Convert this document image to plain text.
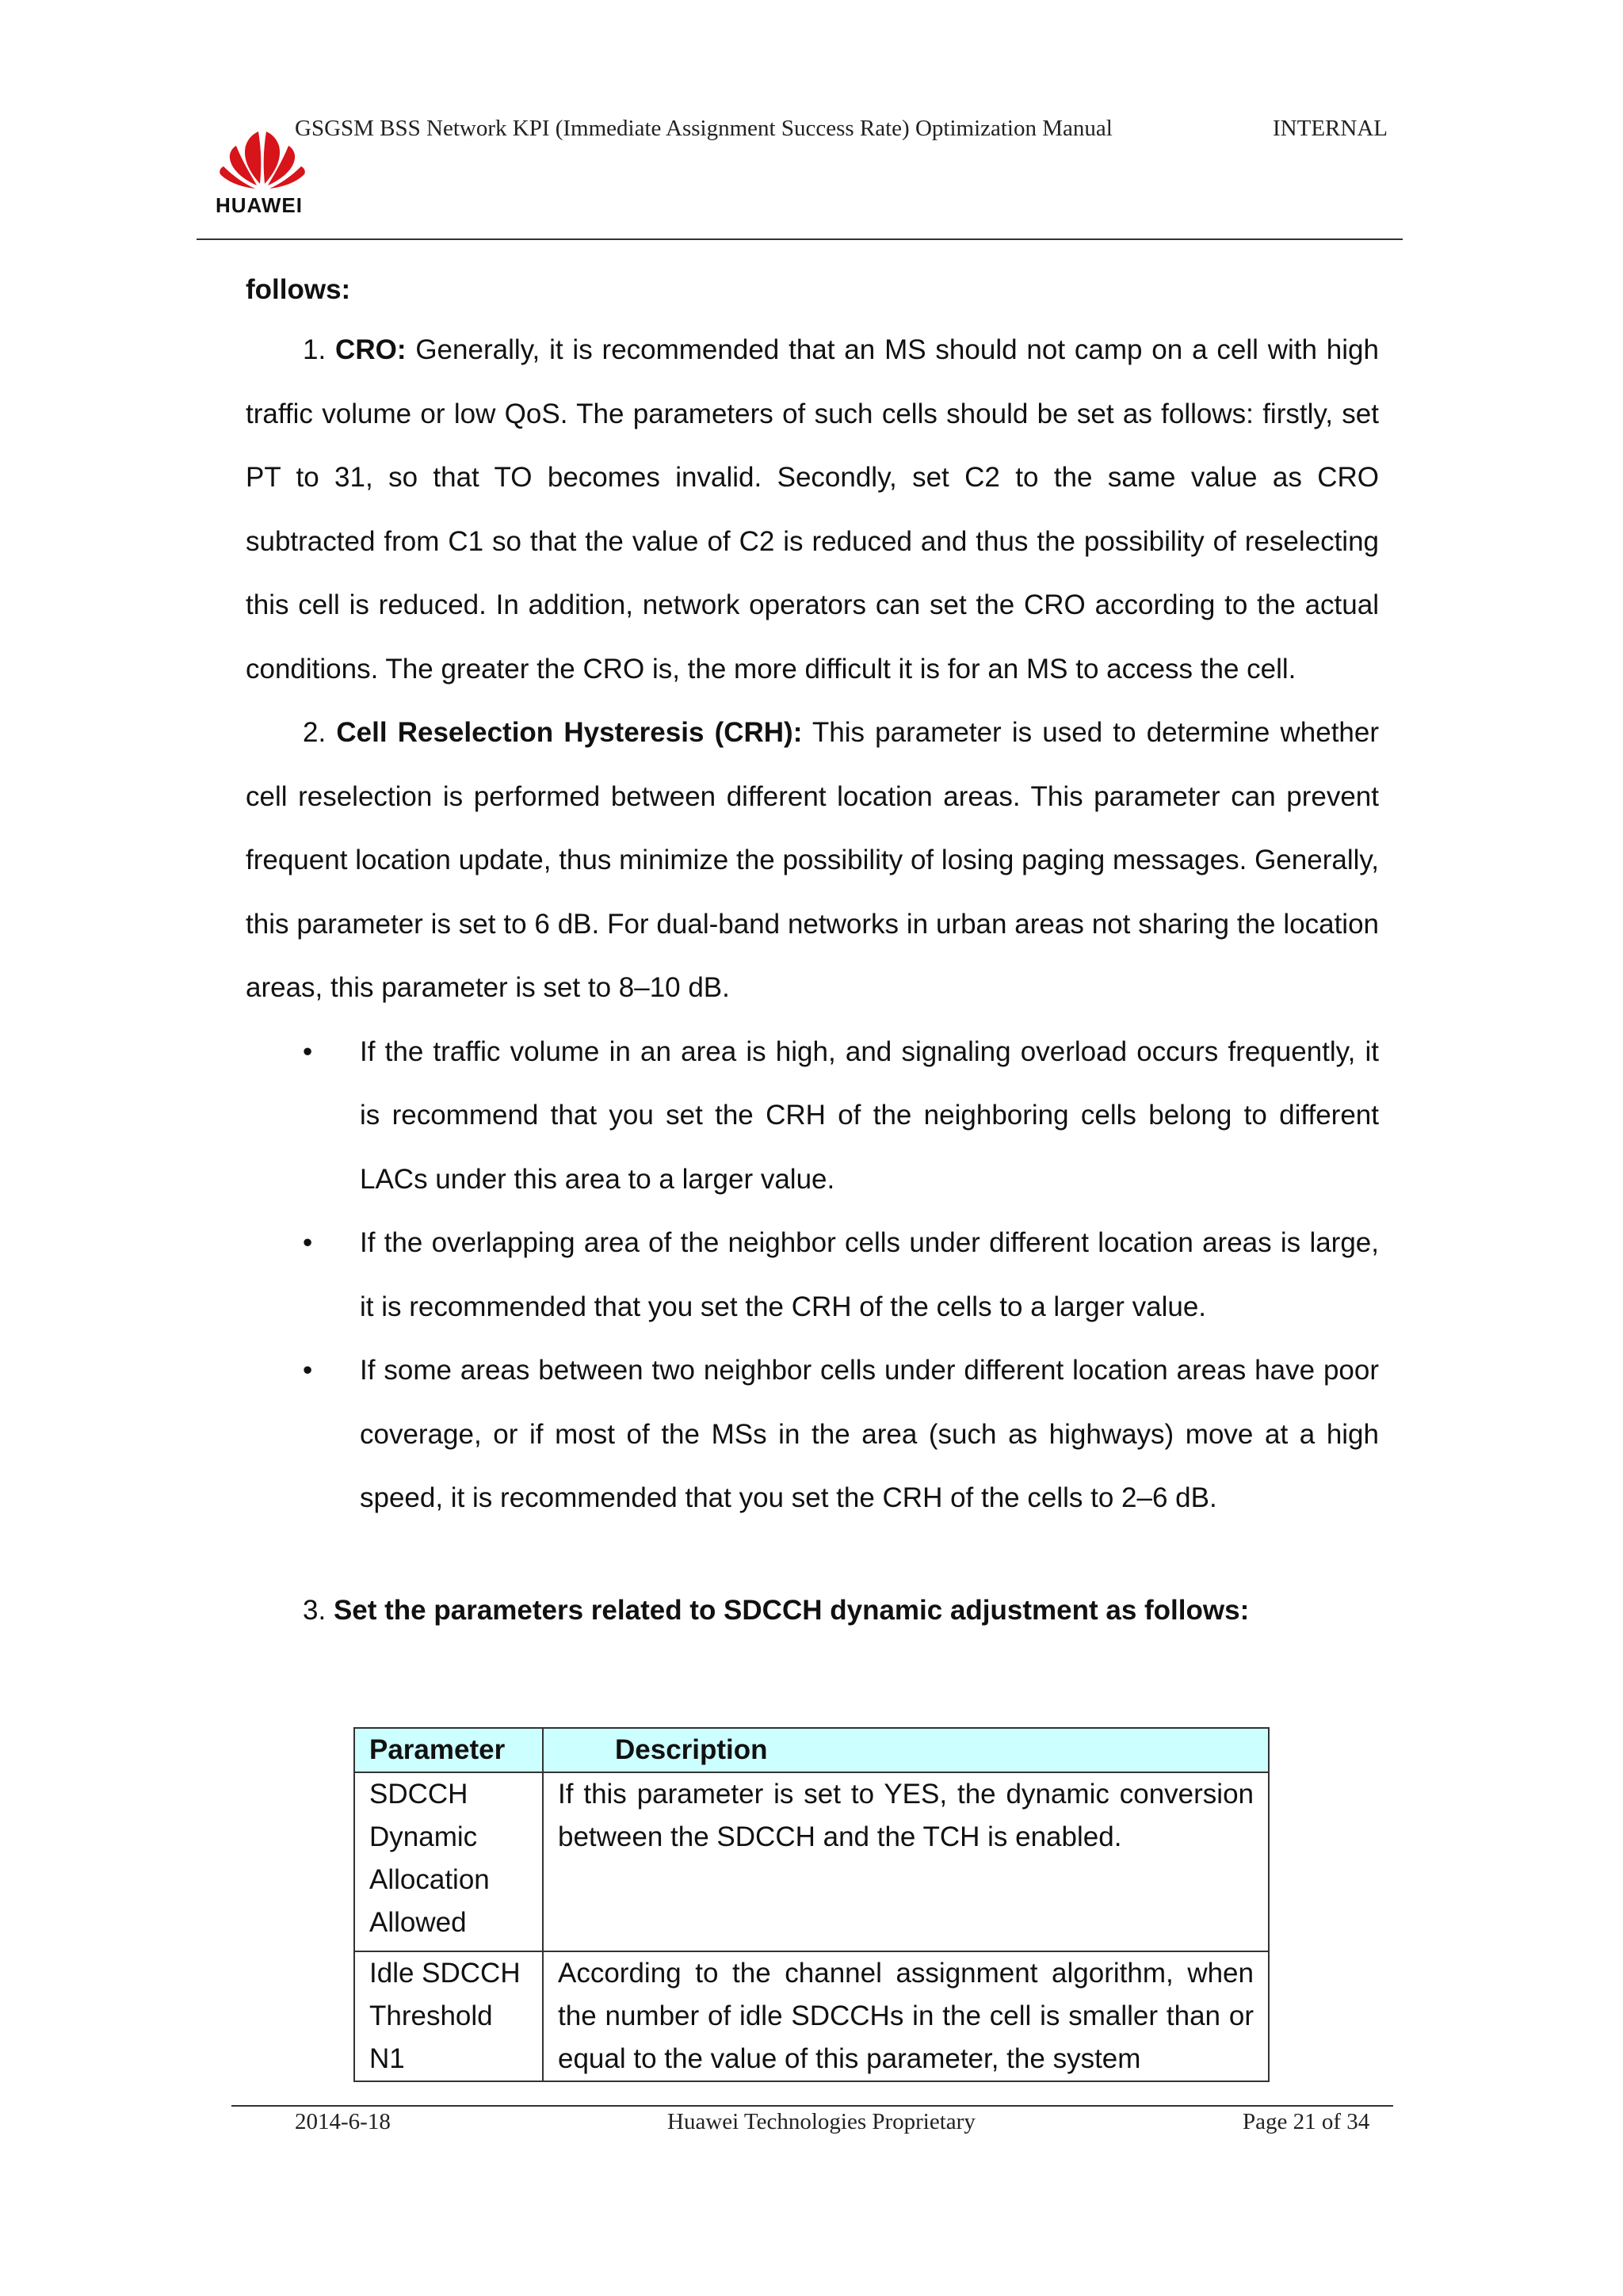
HUAWEI
GSGSM BSS Network KPI (Immediate Assignment Success Rate) Optimization Manual	INTERNAL
follows:

1. CRO: Generally, it is recommended that an MS should not camp on a cell with high traffic volume or low QoS. The parameters of such cells should be set as follows: firstly, set PT to 31, so that TO becomes invalid. Secondly, set C2 to the same value as CRO subtracted from C1 so that the value of C2 is reduced and thus the possibility of reselecting this cell is reduced. In addition, network operators can set the CRO according to the actual conditions. The greater the CRO is, the more difficult it is for an MS to access the cell.

2. Cell Reselection Hysteresis (CRH): This parameter is used to determine whether cell reselection is performed between different location areas. This parameter can prevent frequent location update, thus minimize the possibility of losing paging messages. Generally, this parameter is set to 6 dB. For dual-band networks in urban areas not sharing the location areas, this parameter is set to 8–10 dB.

• If the traffic volume in an area is high, and signaling overload occurs frequently, it is recommend that you set the CRH of the neighboring cells belong to different LACs under this area to a larger value.
• If the overlapping area of the neighbor cells under different location areas is large, it is recommended that you set the CRH of the cells to a larger value.
• If some areas between two neighbor cells under different location areas have poor coverage, or if most of the MSs in the area (such as highways) move at a high speed, it is recommended that you set the CRH of the cells to 2–6 dB.

3. Set the parameters related to SDCCH dynamic adjustment as follows:

Parameter	Description
SDCCH Dynamic Allocation Allowed	If this parameter is set to YES, the dynamic conversion between the SDCCH and the TCH is enabled.

Idle SDCCH Threshold N1	According to the channel assignment algorithm, when the number of idle SDCCHs in the cell is smaller than or equal to the value of this parameter, the system
2014-6-18	Huawei Technologies Proprietary	Page 21 of 34
